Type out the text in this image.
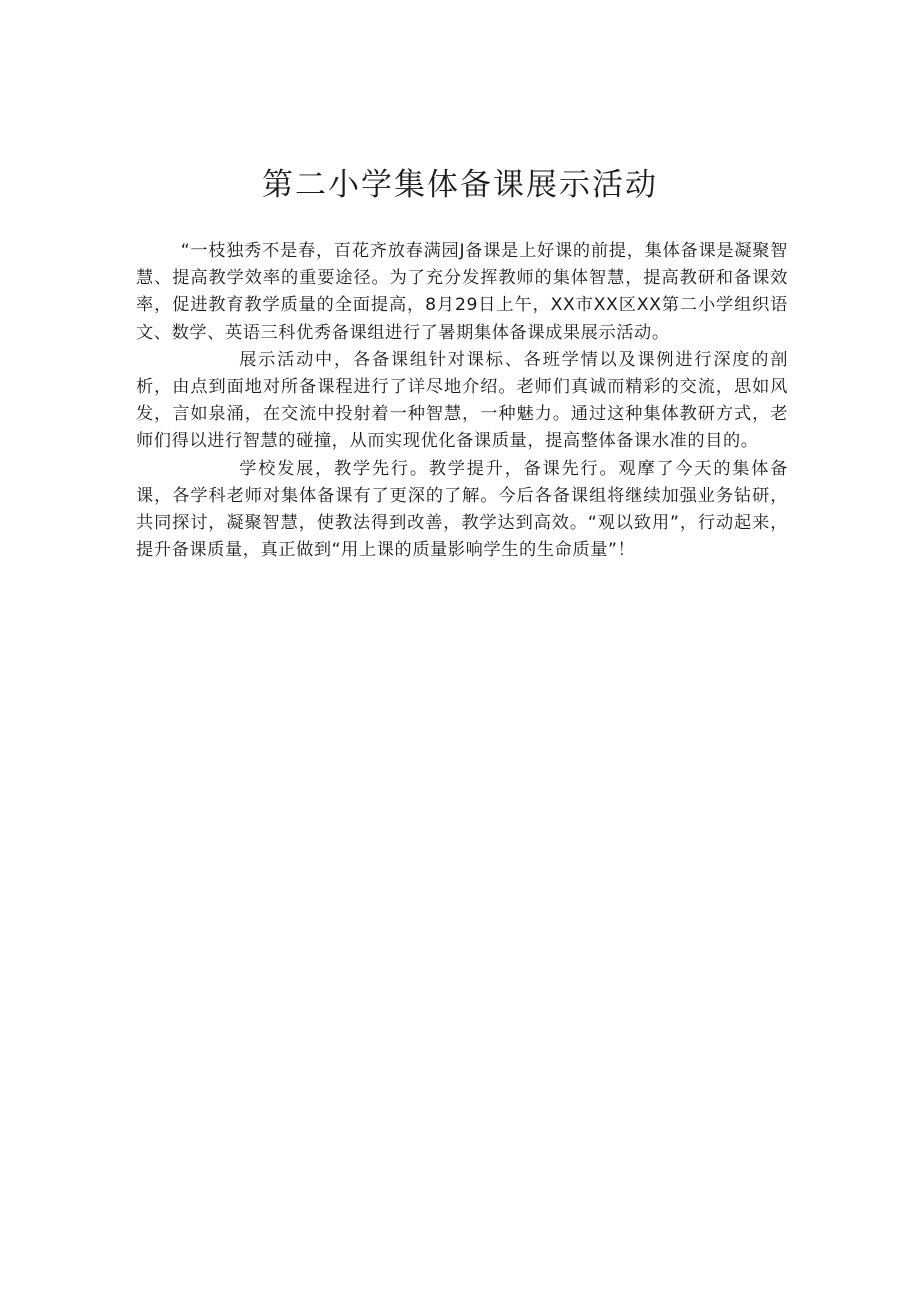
第二小学集体备课展示活动

“一枝独秀不是春，百花齐放春满园J备课是上好课的前提，集体备课是凝聚智慧、提高教学效率的重要途径。为了充分发挥教师的集体智慧，提高教研和备课效率，促进教育教学质量的全面提高，8月29日上午，XX市XX区XX第二小学组织语文、数学、英语三科优秀备课组进行了暑期集体备课成果展示活动。

展示活动中，各备课组针对课标、各班学情以及课例进行深度的剖析，由点到面地对所备课程进行了详尽地介绍。老师们真诚而精彩的交流，思如风发，言如泉涌，在交流中投射着一种智慧，一种魅力。通过这种集体教研方式，老师们得以进行智慧的碰撞，从而实现优化备课质量，提高整体备课水准的目的。

学校发展，教学先行。教学提升，备课先行。观摩了今天的集体备课，各学科老师对集体备课有了更深的了解。今后各备课组将继续加强业务钻研，共同探讨，凝聚智慧，使教法得到改善，教学达到高效。“观以致用”，行动起来，提升备课质量，真正做到“用上课的质量影响学生的生命质量”！
